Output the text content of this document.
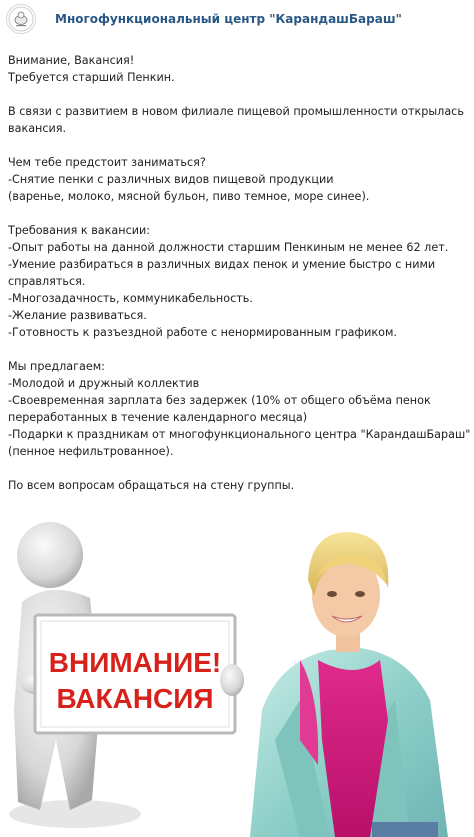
Многофункциональный центр "КарандашБараш"
Внимание, Вакансия!
Требуется старший Пенкин.
В связи с развитием в новом филиале пищевой промышленности открылась
вакансия.
Чем тебе предстоит заниматься?
-Снятие пенки с различных видов пищевой продукции
(варенье, молоко, мясной бульон, пиво темное, море синее).
Требования к вакансии:
-Опыт работы на данной должности старшим Пенкиным не менее 62 лет.
-Умение разбираться в различных видах пенок и умение быстро с ними
справляться.
-Многозадачность, коммуникабельность.
-Желание развиваться.
-Готовность к разъездной работе с ненормированным графиком.
Мы предлагаем:
-Молодой и дружный коллектив
-Своевременная зарплата без задержек (10% от общего объёма пенок
переработанных в течение календарного месяца)
-Подарки к праздникам от многофункционального центра "КарандашБараш"
(пенное нефильтрованное).
По всем вопросам обращаться на стену группы.
ВНИМАНИЕ!
ВАКАНСИЯ
